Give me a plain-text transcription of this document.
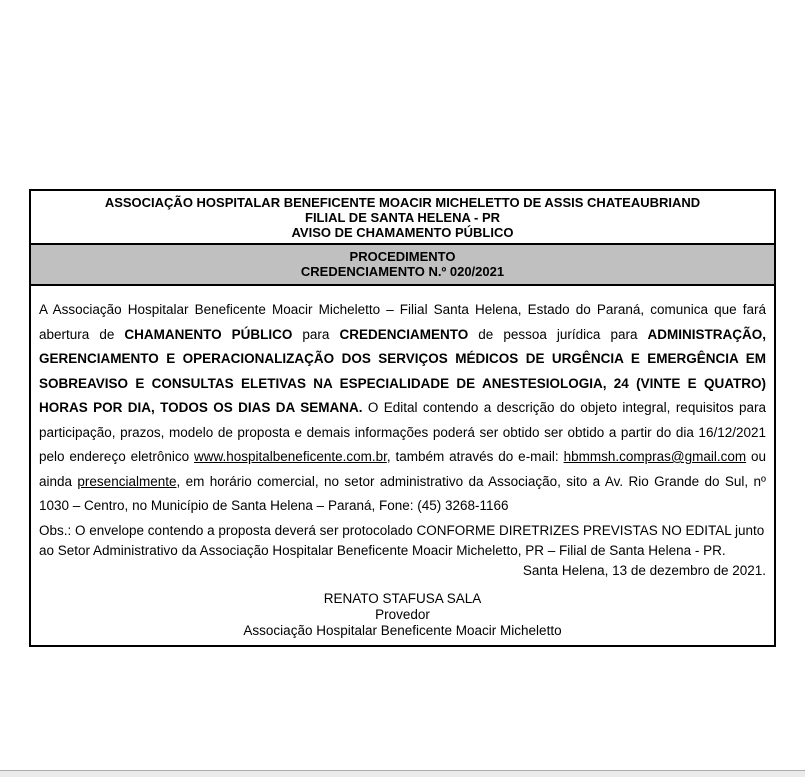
ASSOCIAÇÃO HOSPITALAR BENEFICENTE MOACIR MICHELETTO DE ASSIS CHATEAUBRIAND
FILIAL DE SANTA HELENA - PR
AVISO DE CHAMAMENTO PÚBLICO
PROCEDIMENTO
CREDENCIAMENTO N.º 020/2021

A Associação Hospitalar Beneficente Moacir Micheletto – Filial Santa Helena, Estado do Paraná, comunica que fará abertura de CHAMANENTO PÚBLICO para CREDENCIAMENTO de pessoa jurídica para ADMINISTRAÇÃO, GERENCIAMENTO E OPERACIONALIZAÇÃO DOS SERVIÇOS MÉDICOS DE URGÊNCIA E EMERGÊNCIA EM SOBREAVISO E CONSULTAS ELETIVAS NA ESPECIALIDADE DE ANESTESIOLOGIA, 24 (VINTE E QUATRO) HORAS POR DIA, TODOS OS DIAS DA SEMANA. O Edital contendo a descrição do objeto integral, requisitos para participação, prazos, modelo de proposta e demais informações poderá ser obtido ser obtido a partir do dia 16/12/2021 pelo endereço eletrônico www.hospitalbeneficente.com.br, também através do e-mail: hbmmsh.compras@gmail.com ou ainda presencialmente, em horário comercial, no setor administrativo da Associação, sito a Av. Rio Grande do Sul, nº 1030 – Centro, no Município de Santa Helena – Paraná, Fone: (45) 3268-1166

Obs.: O envelope contendo a proposta deverá ser protocolado CONFORME DIRETRIZES PREVISTAS NO EDITAL junto ao Setor Administrativo da Associação Hospitalar Beneficente Moacir Micheletto, PR – Filial de Santa Helena - PR.

Santa Helena, 13 de dezembro de 2021.

RENATO STAFUSA SALA
Provedor
Associação Hospitalar Beneficente Moacir Micheletto
